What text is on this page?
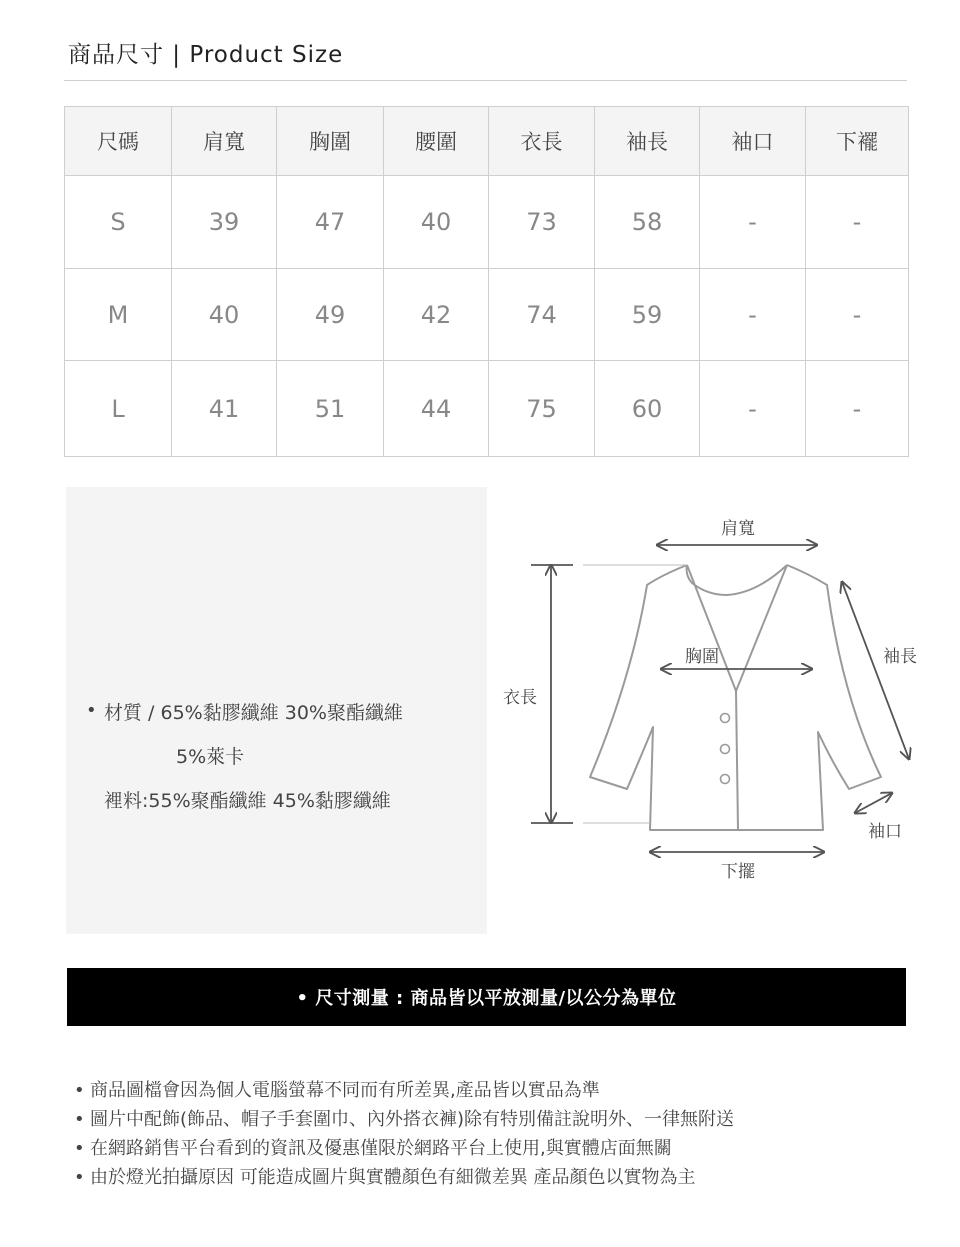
商品尺寸 | Product Size
尺碼	肩寬	胸圍	腰圍	衣長	袖長	袖口	下襬
S	39	47	40	73	58	-	-
M	40	49	42	74	59	-	-
L	41	51	44	75	60	-	-
• 材質 / 65%黏膠纖維 30%聚酯纖維
5%萊卡
裡料:55%聚酯纖維 45%黏膠纖維
肩寬
胸圍
衣長
袖長
袖口
下擺
• 尺寸測量 : 商品皆以平放測量/以公分為單位
• 商品圖檔會因為個人電腦螢幕不同而有所差異,產品皆以實品為準
• 圖片中配飾(飾品、帽子手套圍巾、內外搭衣褲)除有特別備註說明外、一律無附送
• 在網路銷售平台看到的資訊及優惠僅限於網路平台上使用,與實體店面無關
• 由於燈光拍攝原因 可能造成圖片與實體顏色有細微差異 產品顏色以實物為主
